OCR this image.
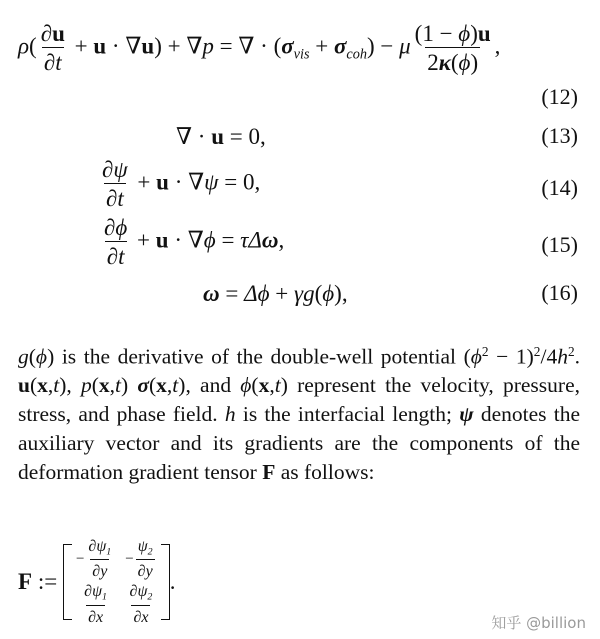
$\rho( \frac{\partial u}{\partial t} + u \cdot \nabla u) + \nabla p$ = ∇ · $(\sigma_{vis} + \sigma_{coh}) - \mu \frac{(1 - \phi)u}{2\kappa(\phi)}$ ,
(12)
∇ · u = 0,	(13)
$\frac{\partial\psi}{\partial t} + u \cdot \nabla\psi = 0$,	(14)
$\frac{\partial\phi}{\partial t} + u \cdot \nabla\phi = \tau\Delta\omega$,	(15)
ω = Δϕ + γg(ϕ),	(16)

g(ϕ) is the derivative of the double-well potential $(\phi^2 - 1)^2/4h^2$. u(x,t), p(x,t) σ(x,t), and ϕ(x,t) represent the velocity, pressure, stress, and phase field. h is the interfacial length; ψ denotes the auxiliary vector and its gradients are the components of the deformation gradient tensor F as follows:

F :=
− $\frac{\partial\psi_1}{\partial y} - \frac{\psi_2}{\partial y}$
$\frac{\partial\psi_1}{\partial x} \frac{\partial\psi_2}{\partial x}$
.
知乎 @billion
